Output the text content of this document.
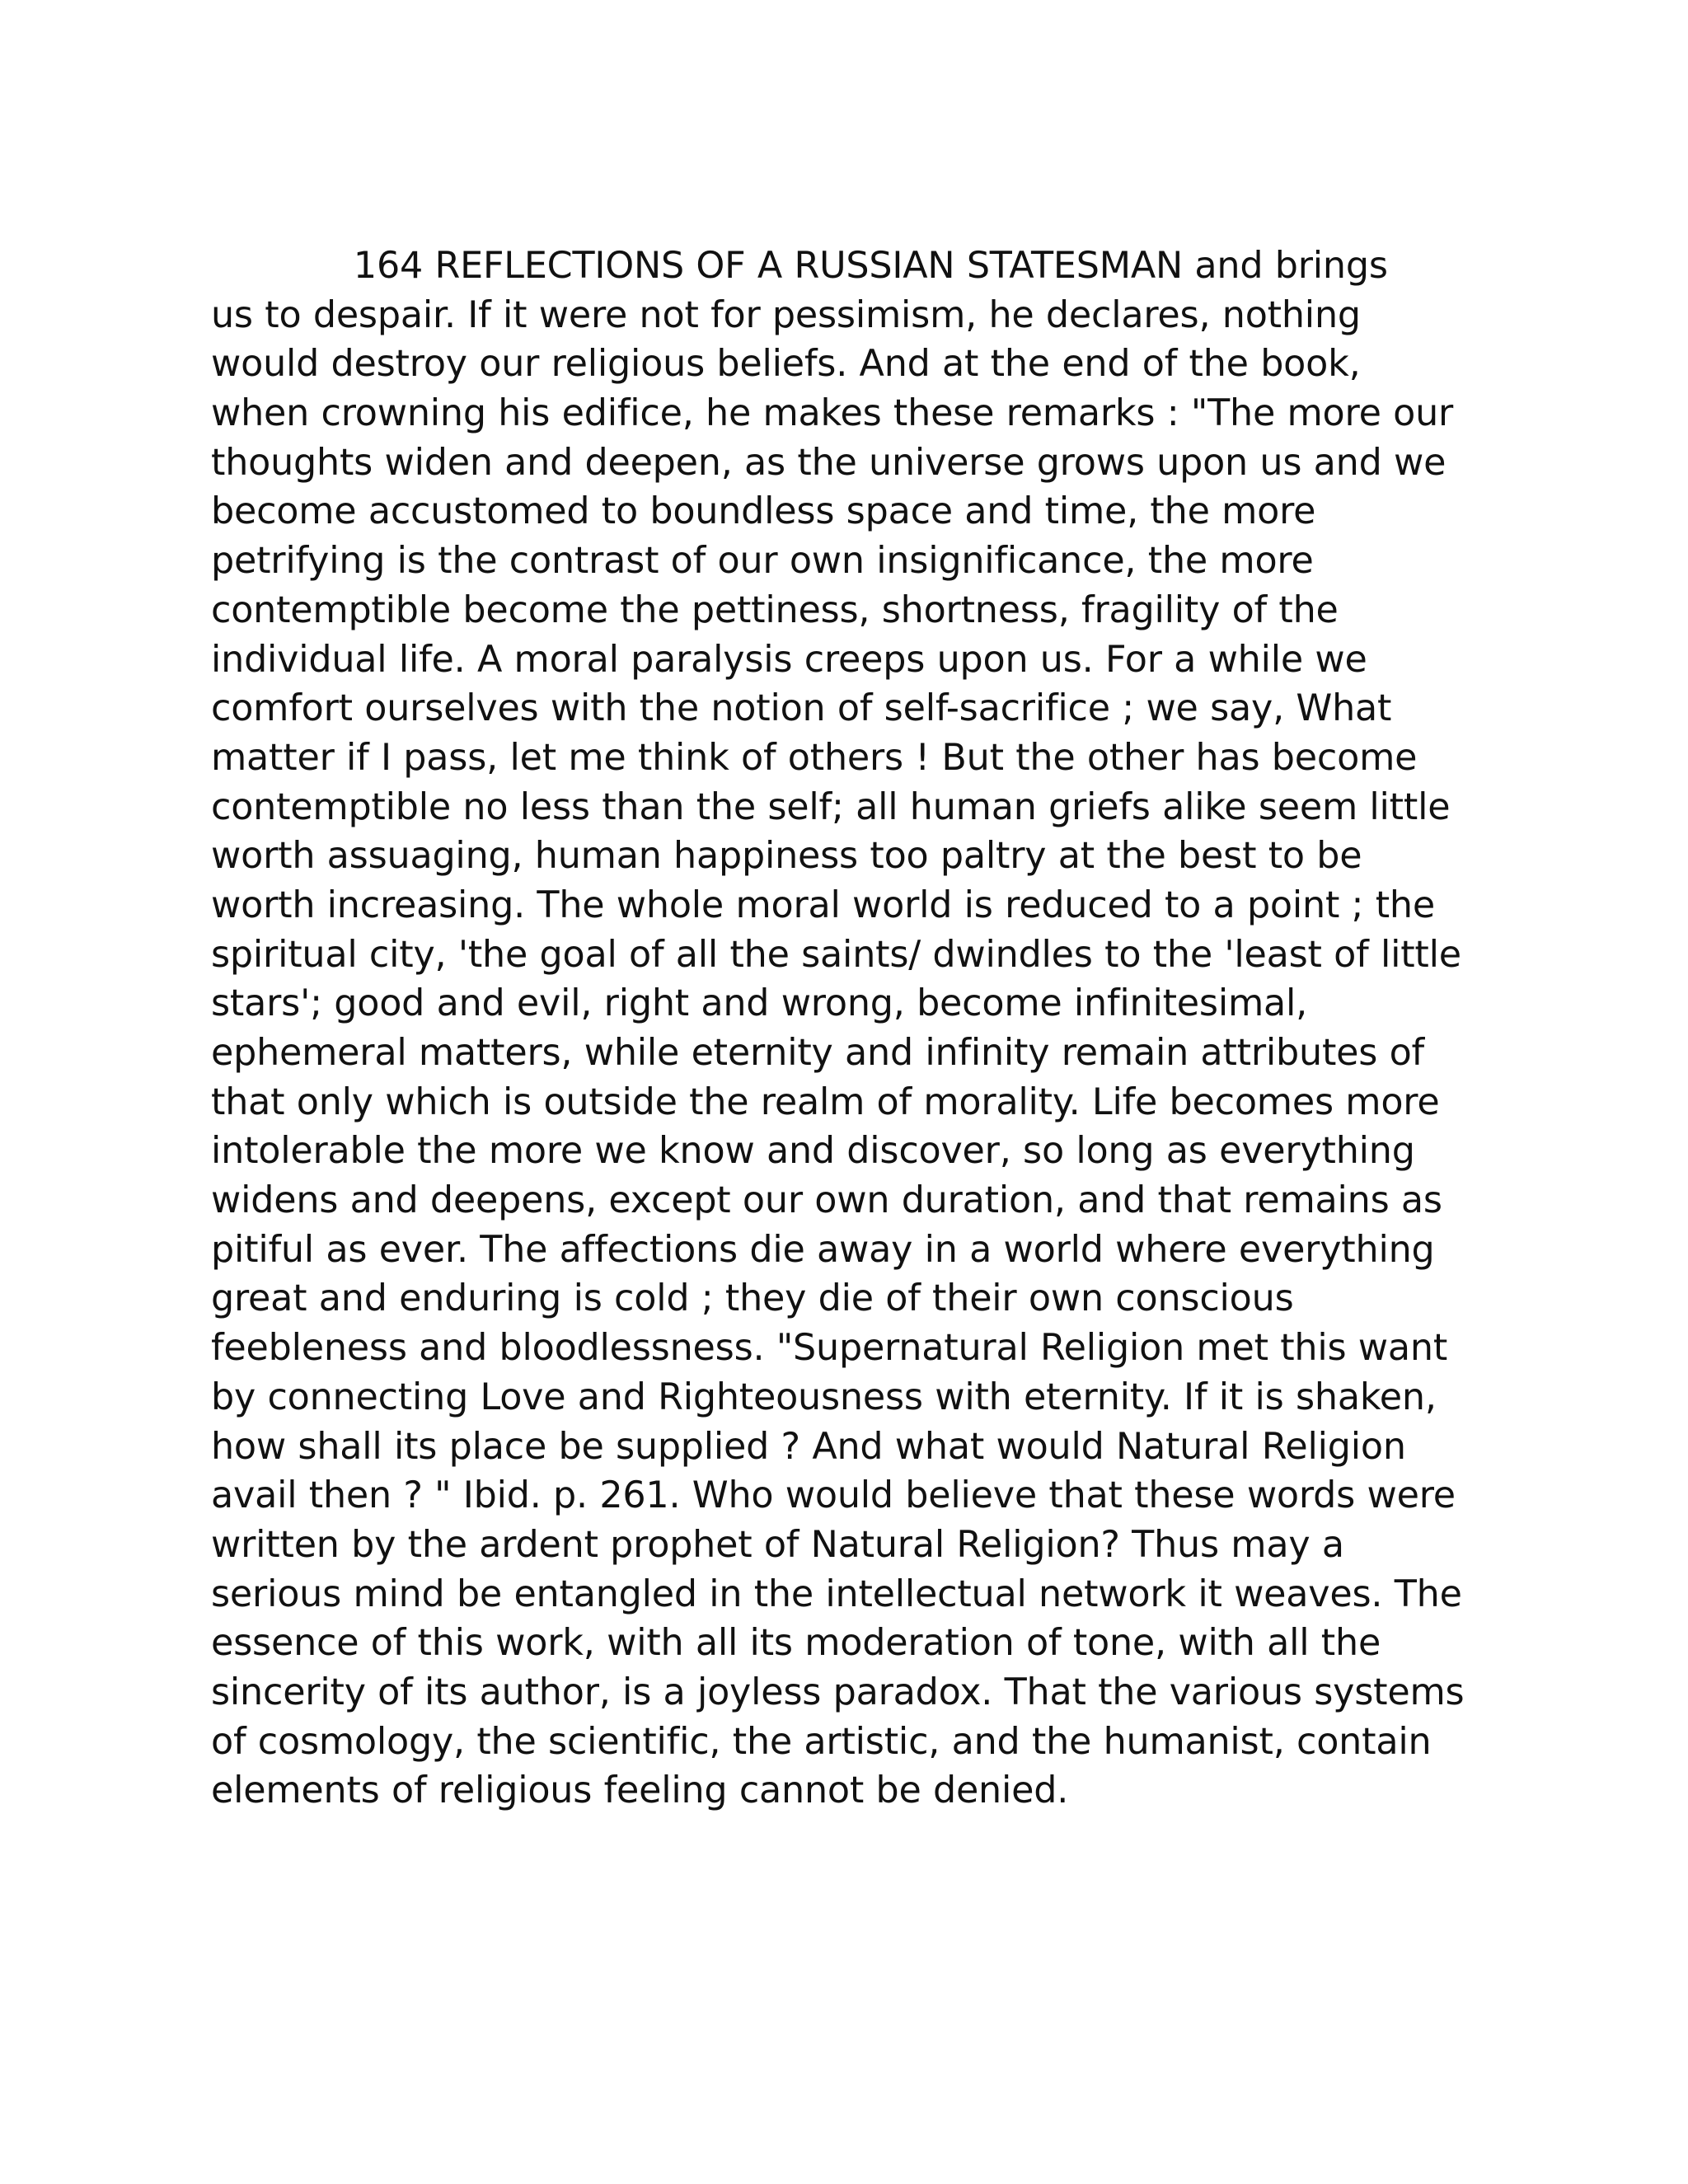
164 REFLECTIONS OF A RUSSIAN STATESMAN and brings
us to despair. If it were not for pessimism, he declares, nothing
would destroy our religious beliefs. And at the end of the book,
when crowning his edifice, he makes these remarks : "The more our
thoughts widen and deepen, as the universe grows upon us and we
become accustomed to boundless space and time, the more
petrifying is the contrast of our own insignificance, the more
contemptible become the pettiness, shortness, fragility of the
individual life. A moral paralysis creeps upon us. For a while we
comfort ourselves with the notion of self-sacrifice ; we say, What
matter if I pass, let me think of others ! But the other has become
contemptible no less than the self; all human griefs alike seem little
worth assuaging, human happiness too paltry at the best to be
worth increasing. The whole moral world is reduced to a point ; the
spiritual city, 'the goal of all the saints/ dwindles to the 'least of little
stars'; good and evil, right and wrong, become infinitesimal,
ephemeral matters, while eternity and infinity remain attributes of
that only which is outside the realm of morality. Life becomes more
intolerable the more we know and discover, so long as everything
widens and deepens, except our own duration, and that remains as
pitiful as ever. The affections die away in a world where everything
great and enduring is cold ; they die of their own conscious
feebleness and bloodlessness. "Supernatural Religion met this want
by connecting Love and Righteousness with eternity. If it is shaken,
how shall its place be supplied ? And what would Natural Religion
avail then ? " Ibid. p. 261. Who would believe that these words were
written by the ardent prophet of Natural Religion? Thus may a
serious mind be entangled in the intellectual network it weaves. The
essence of this work, with all its moderation of tone, with all the
sincerity of its author, is a joyless paradox. That the various systems
of cosmology, the scientific, the artistic, and the humanist, contain
elements of religious feeling cannot be denied.
